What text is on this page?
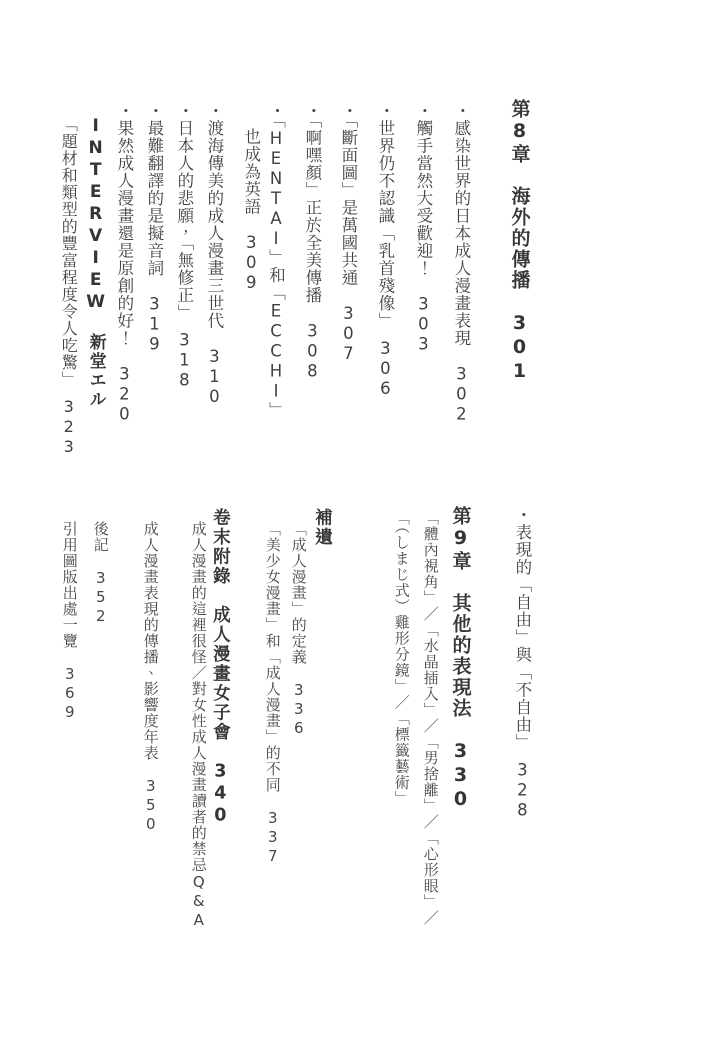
第8章　海外的傳播　301
・感染世界的日本成人漫畫表現　302
・觸手當然大受歡迎！　303
・世界仍不認識「乳首殘像」　306
・「斷面圖」是萬國共通　307
・「啊嘿顏」正於全美傳播　308
・「HENTAI」和「ECCHI」
也成為英語　309
・渡海傳美的成人漫畫三世代　310
・日本人的悲願，「無修正」　318
・最難翻譯的是擬音詞　319
・果然成人漫畫還是原創的好！　320
INTERVIEW　新堂エル
「題材和類型的豐富程度令人吃驚」　323
・表現的「自由」與「不自由」　328
第9章　其他的表現法　330
「體內視角」／「水晶插入」／「男捨離」／「心形眼」／
「（しまじ式）雞形分鏡」／「標籤藝術」
補遺
「成人漫畫」的定義　336
「美少女漫畫」和「成人漫畫」的不同　337
卷末附錄　成人漫畫女子會　340
成人漫畫的這裡很怪／對女性成人漫畫讀者的禁忌Q&A
成人漫畫表現的傳播、影響度年表　350
後記　352
引用圖版出處一覽　369
